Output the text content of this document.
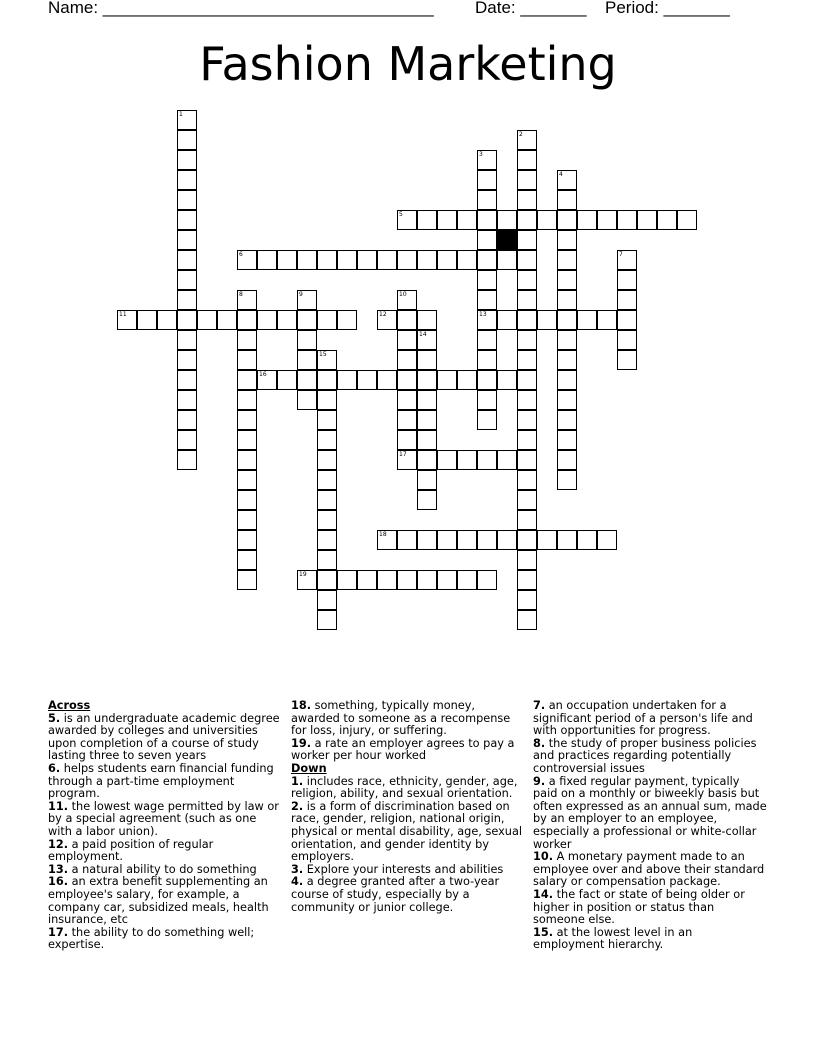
Name: ___________________________________ Date: _______ Period: _______
Fashion Marketing
1
2
3
4
5
6	7
8	9	10
11	12	13
14
15
16
17
18
19
Across
5. is an undergraduate academic degree awarded by colleges and universities upon completion of a course of study lasting three to seven years
6. helps students earn financial funding through a part-time employment program.
11. the lowest wage permitted by law or by a special agreement (such as one with a labor union).
12. a paid position of regular employment.
13. a natural ability to do something
16. an extra benefit supplementing an employee's salary, for example, a company car, subsidized meals, health insurance, etc
17. the ability to do something well; expertise.
18. something, typically money, awarded to someone as a recompense for loss, injury, or suffering.
19. a rate an employer agrees to pay a worker per hour worked
Down
1. includes race, ethnicity, gender, age, religion, ability, and sexual orientation.
2. is a form of discrimination based on race, gender, religion, national origin, physical or mental disability, age, sexual orientation, and gender identity by employers.
3. Explore your interests and abilities
4. a degree granted after a two-year course of study, especially by a community or junior college.
7. an occupation undertaken for a significant period of a person's life and with opportunities for progress.
8. the study of proper business policies and practices regarding potentially controversial issues
9. a fixed regular payment, typically paid on a monthly or biweekly basis but often expressed as an annual sum, made by an employer to an employee, especially a professional or white-collar worker
10. A monetary payment made to an employee over and above their standard salary or compensation package.
14. the fact or state of being older or higher in position or status than someone else.
15. at the lowest level in an employment hierarchy.
